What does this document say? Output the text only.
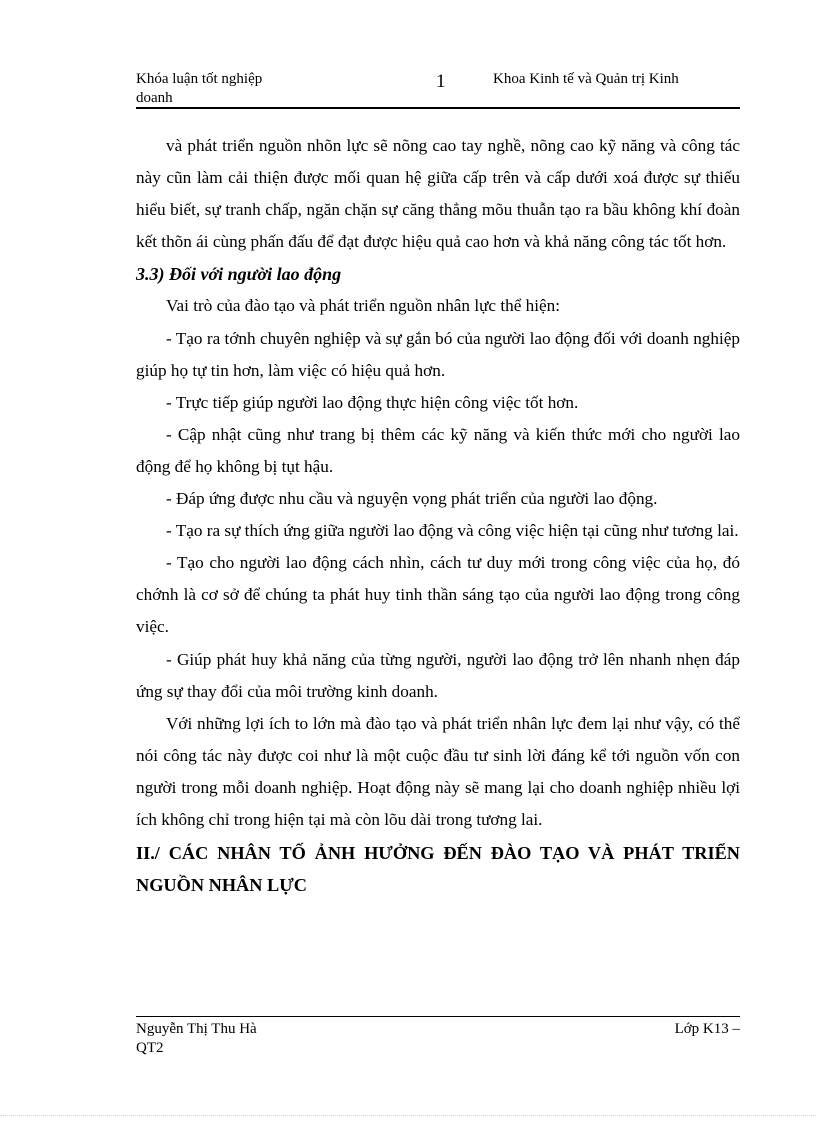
Khóa luận tốt nghiệp doanh
1	Khoa Kinh tế và Quản trị Kinh

và phát triển nguồn nhõn lực sẽ nõng cao tay nghề, nõng cao kỹ năng và công tác này cũn làm cải thiện được mối quan hệ giữa cấp trên và cấp dưới xoá được sự thiếu hiểu biết, sự tranh chấp, ngăn chặn sự căng thẳng mõu thuẫn tạo ra bầu không khí đoàn kết thõn ái cùng phấn đấu để đạt được hiệu quả cao hơn và khả năng công tác tốt hơn.

3.3) Đối với người lao động

Vai trò của đào tạo và phát triển nguồn nhân lực thể hiện:

- Tạo ra tớnh chuyên nghiệp và sự gắn bó của người lao động đối với doanh nghiệp giúp họ tự tin hơn, làm việc có hiệu quả hơn.

- Trực tiếp giúp người lao động thực hiện công việc tốt hơn.

- Cập nhật cũng như trang bị thêm các kỹ năng và kiến thức mới cho người lao động để họ không bị tụt hậu.

- Đáp ứng được nhu cầu và nguyện vọng phát triển của người lao động.

- Tạo ra sự thích ứng giữa người lao động và công việc hiện tại cũng như tương lai.

- Tạo cho người lao động cách nhìn, cách tư duy mới trong công việc của họ, đó chớnh là cơ sở để chúng ta phát huy tinh thần sáng tạo của người lao động trong công việc.

- Giúp phát huy khả năng của từng người, người lao động trở lên nhanh nhẹn đáp ứng sự thay đổi của môi trường kinh doanh.

Với những lợi ích to lớn mà đào tạo và phát triển nhân lực đem lại như vậy, có thể nói công tác này được coi như là một cuộc đầu tư sinh lời đáng kể tới nguồn vốn con người trong mỗi doanh nghiệp. Hoạt động này sẽ mang lại cho doanh nghiệp nhiều lợi ích không chỉ trong hiện tại mà còn lõu dài trong tương lai.

II./ CÁC NHÂN TỐ ẢNH HƯỞNG ĐẾN ĐÀO TẠO VÀ PHÁT TRIỂN NGUỒN NHÂN LỰC

Nguyễn Thị Thu Hà QT2
Lớp K13 –
